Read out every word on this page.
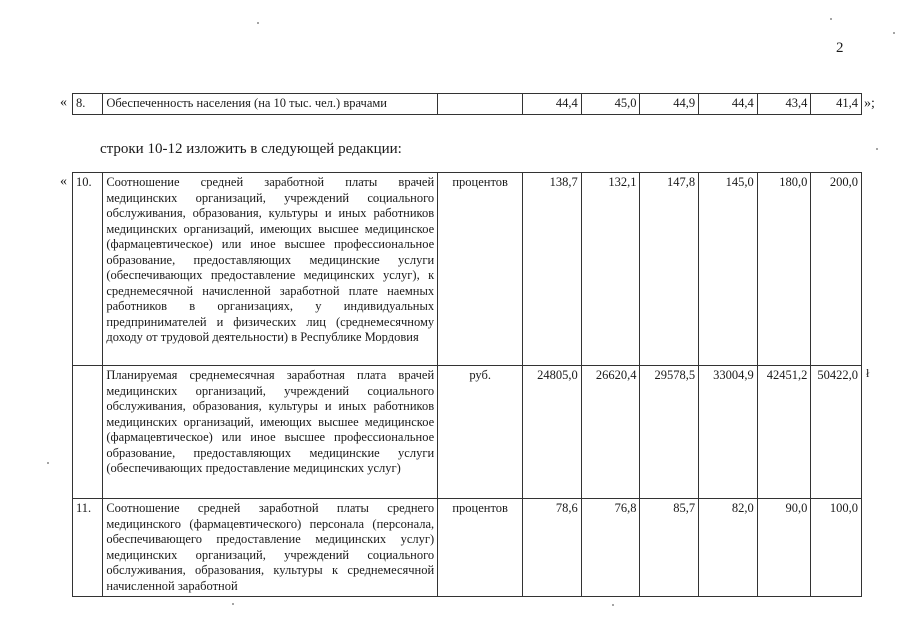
2
« 8.	Обеспеченность населения (на 10 тыс. чел.) врачами		44,4	45,0	44,9	44,4	43,4	41,4 »;
строки 10-12 изложить в следующей редакции:
« 10.	Соотношение средней заработной платы врачей медицинских организаций, учреждений социального обслуживания, образования, культуры и иных работников медицинских организаций, имеющих высшее медицинское (фармацевтическое) или иное высшее профессиональное образование, предоставляющих медицинские услуги (обеспечивающих предоставление медицинских услуг), к среднемесячной начисленной заработной плате наемных работников в организациях, у индивидуальных предпринимателей и физических лиц (среднемесячному доходу от трудовой деятельности) в Республике Мордовия	процентов	138,7	132,1	147,8	145,0	180,0	200,0
	Планируемая среднемесячная заработная плата врачей медицинских организаций, учреждений социального обслуживания, образования, культуры и иных работников медицинских организаций, имеющих высшее медицинское (фармацевтическое) или иное высшее профессиональное образование, предоставляющих медицинские услуги (обеспечивающих предоставление медицинских услуг)	руб.	24805,0	26620,4	29578,5	33004,9	42451,2	50422,0
11.	Соотношение средней заработной платы среднего медицинского (фармацевтического) персонала (персонала, обеспечивающего предоставление медицинских услуг) медицинских организаций, учреждений социального обслуживания, образования, культуры к среднемесячной начисленной заработной	процентов	78,6	76,8	85,7	82,0	90,0	100,0
ł
